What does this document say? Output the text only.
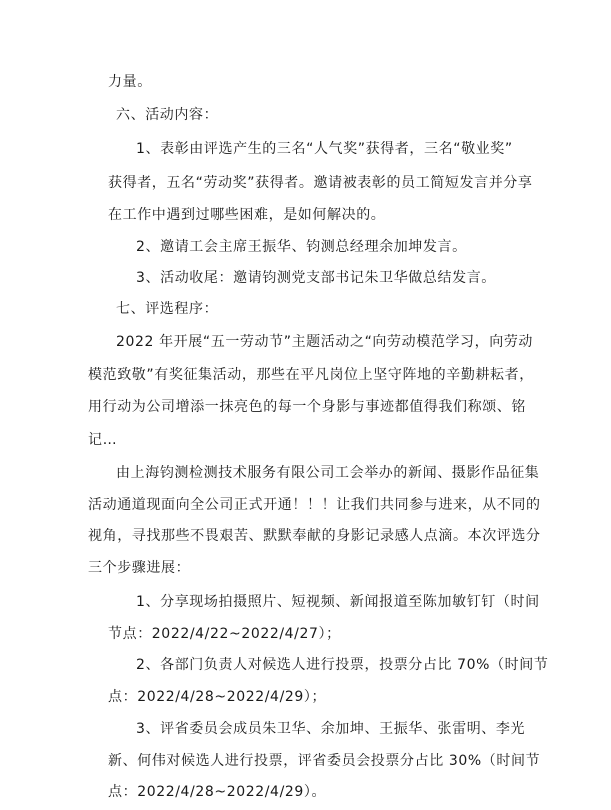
力量。
六、活动内容：
1、表彰由评选产生的三名“人气奖”获得者，三名“敬业奖”
获得者，五名“劳动奖”获得者。邀请被表彰的员工简短发言并分享
在工作中遇到过哪些困难，是如何解决的。
2、邀请工会主席王振华、钧测总经理余加坤发言。
3、活动收尾：邀请钧测党支部书记朱卫华做总结发言。
七、评选程序：
2022 年开展“五一劳动节”主题活动之“向劳动模范学习，向劳动
模范致敬”有奖征集活动，那些在平凡岗位上坚守阵地的辛勤耕耘者，
用行动为公司增添一抹亮色的每一个身影与事迹都值得我们称颂、铭
记…
由上海钧测检测技术服务有限公司工会举办的新闻、摄影作品征集
活动通道现面向全公司正式开通！！！让我们共同参与进来，从不同的
视角，寻找那些不畏艰苦、默默奉献的身影记录感人点滴。本次评选分
三个步骤进展：
1、分享现场拍摄照片、短视频、新闻报道至陈加敏钉钉（时间
节点：2022/4/22~2022/4/27）；
2、各部门负责人对候选人进行投票，投票分占比 70%（时间节
点：2022/4/28~2022/4/29）；
3、评省委员会成员朱卫华、余加坤、王振华、张雷明、李光
新、何伟对候选人进行投票，评省委员会投票分占比 30%（时间节
点：2022/4/28~2022/4/29）。
